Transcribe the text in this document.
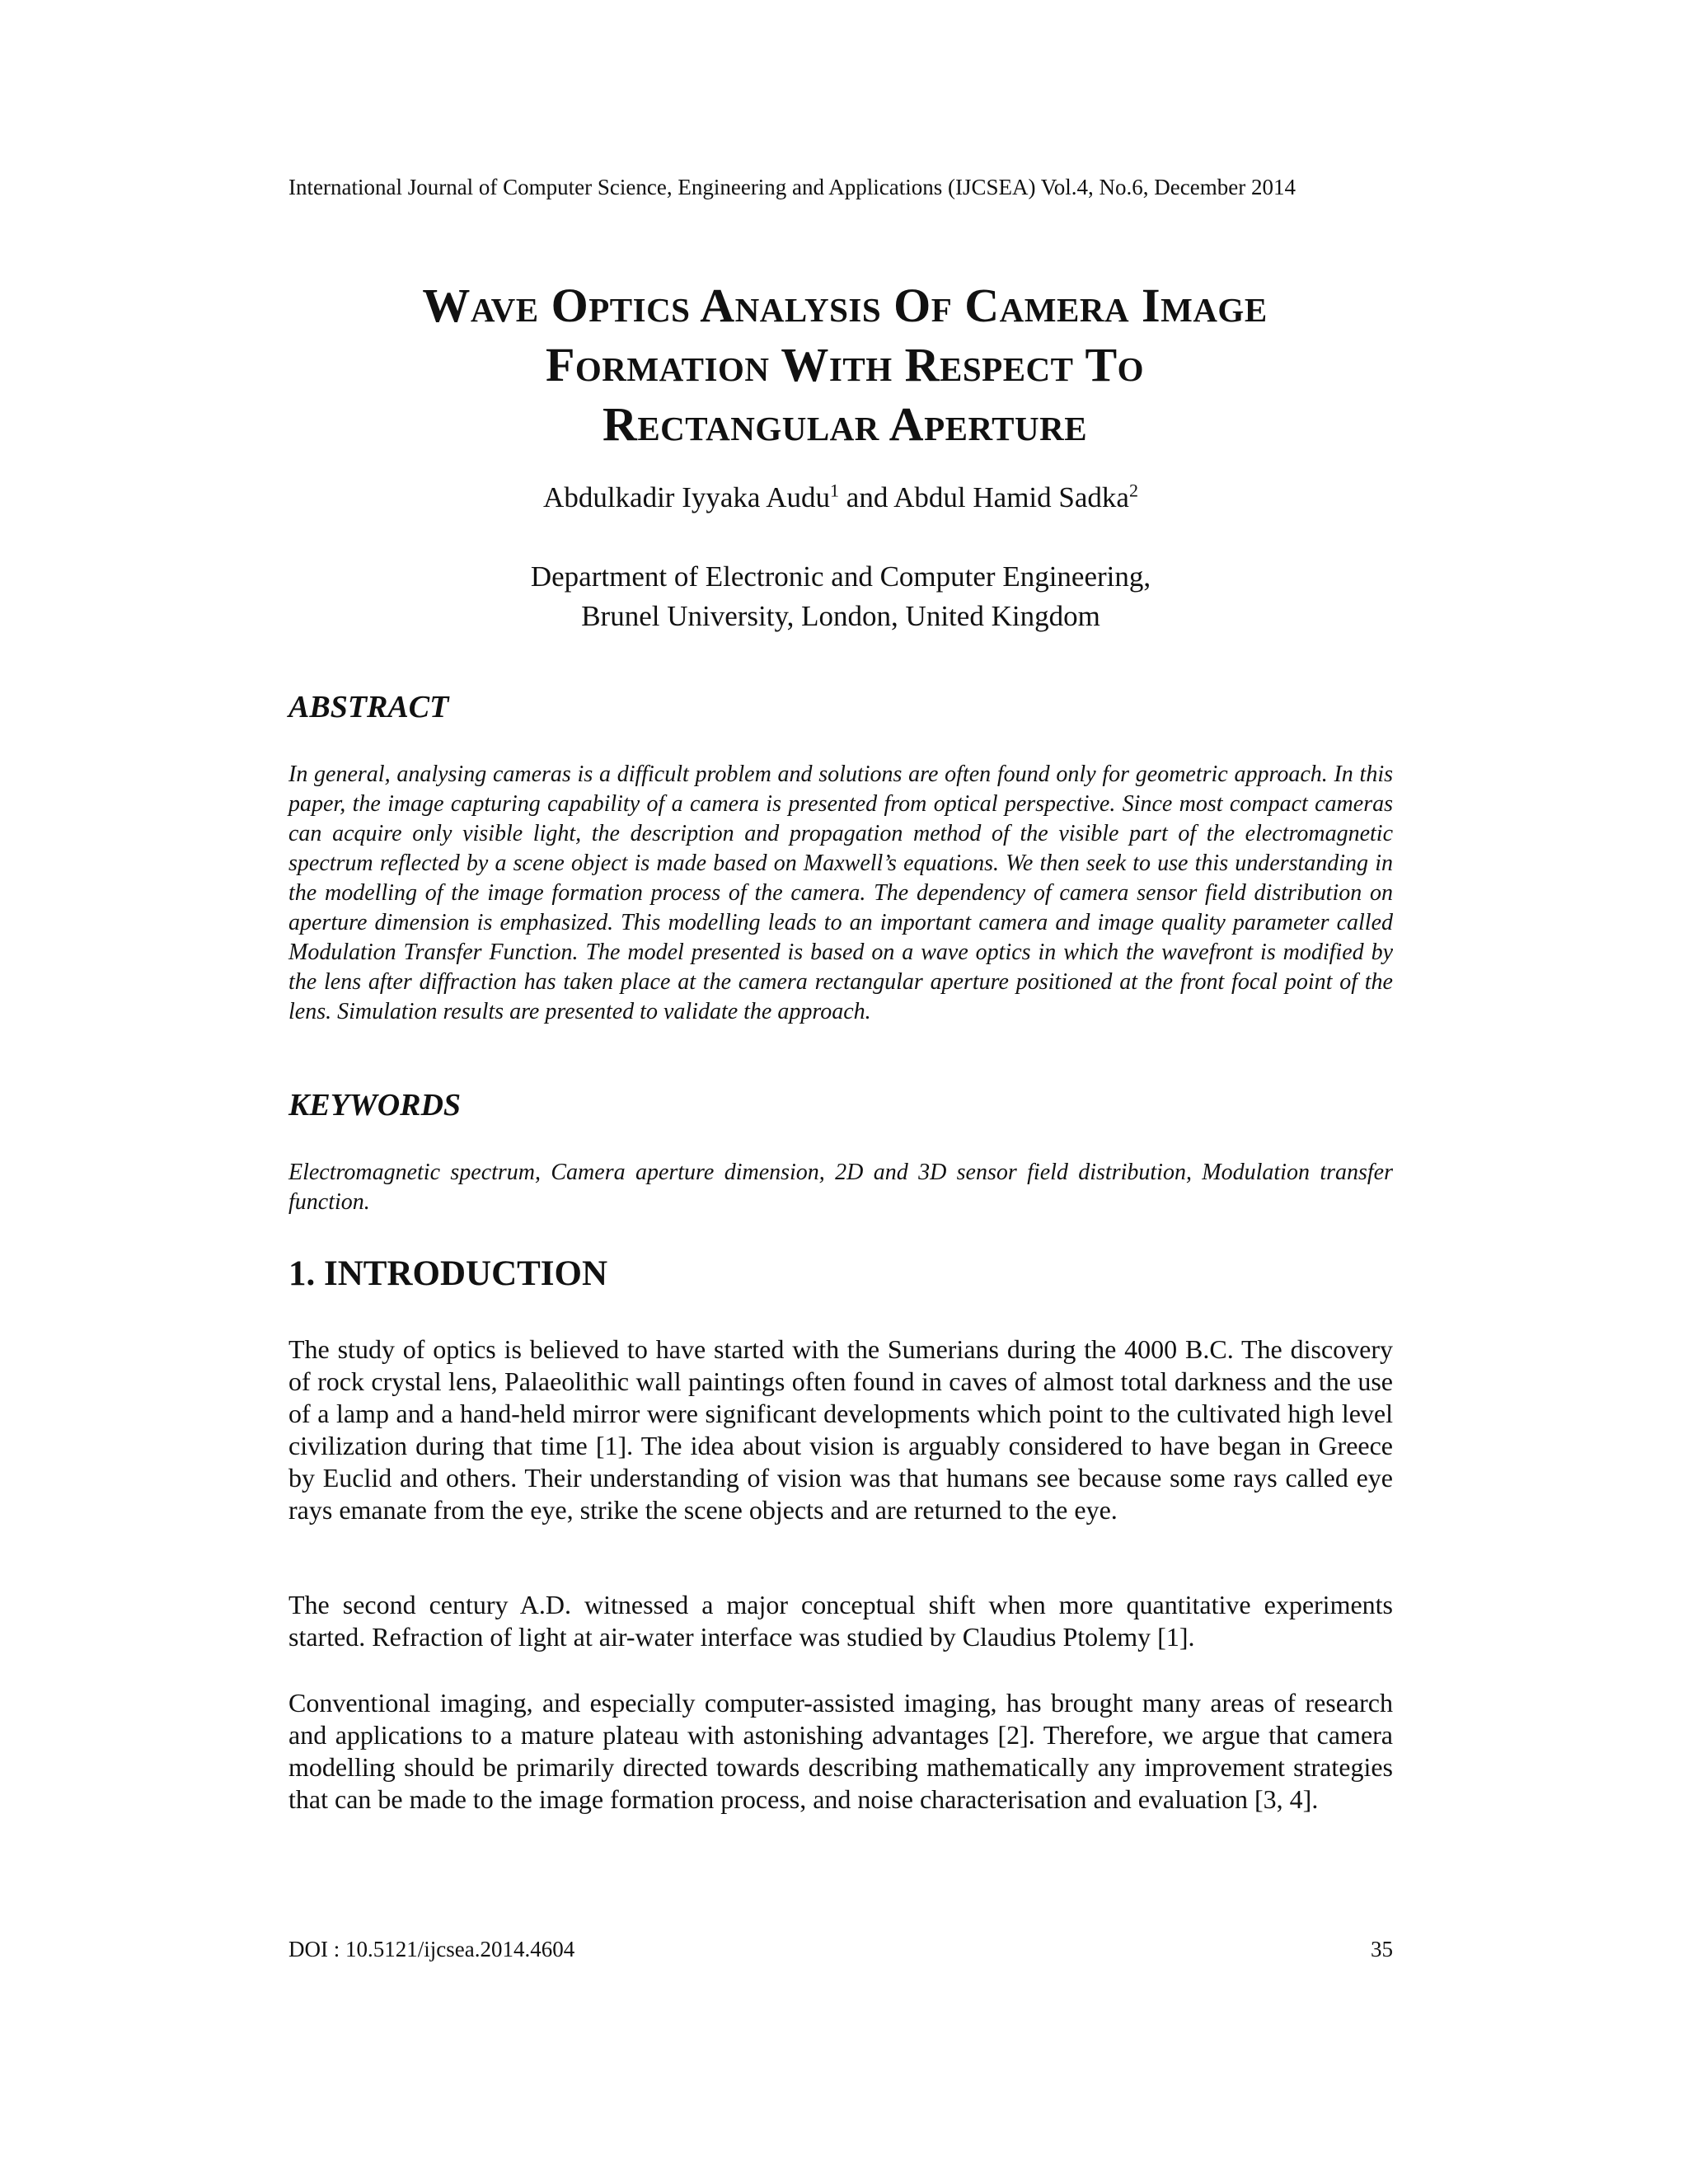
International Journal of Computer Science, Engineering and Applications (IJCSEA) Vol.4, No.6, December 2014
Wave Optics Analysis Of Camera Image
Formation With Respect To
Rectangular Aperture
Abdulkadir Iyyaka Audu$^1$ and Abdul Hamid Sadka$^2$
Department of Electronic and Computer Engineering,
Brunel University, London, United Kingdom
ABSTRACT
In general, analysing cameras is a difficult problem and solutions are often found only for geometric approach. In this paper, the image capturing capability of a camera is presented from optical perspective. Since most compact cameras can acquire only visible light, the description and propagation method of the visible part of the electromagnetic spectrum reflected by a scene object is made based on Maxwell’s equations. We then seek to use this understanding in the modelling of the image formation process of the camera. The dependency of camera sensor field distribution on aperture dimension is emphasized. This modelling leads to an important camera and image quality parameter called Modulation Transfer Function. The model presented is based on a wave optics in which the wavefront is modified by the lens after diffraction has taken place at the camera rectangular aperture positioned at the front focal point of the lens. Simulation results are presented to validate the approach.
KEYWORDS
Electromagnetic spectrum, Camera aperture dimension, 2D and 3D sensor field distribution, Modulation transfer function.
1. INTRODUCTION
The study of optics is believed to have started with the Sumerians during the 4000 B.C. The discovery of rock crystal lens, Palaeolithic wall paintings often found in caves of almost total darkness and the use of a lamp and a hand-held mirror were significant developments which point to the cultivated high level civilization during that time [1]. The idea about vision is arguably considered to have began in Greece by Euclid and others. Their understanding of vision was that humans see because some rays called eye rays emanate from the eye, strike the scene objects and are returned to the eye.
The second century A.D. witnessed a major conceptual shift when more quantitative experiments started. Refraction of light at air-water interface was studied by Claudius Ptolemy [1].
Conventional imaging, and especially computer-assisted imaging, has brought many areas of research and applications to a mature plateau with astonishing advantages [2]. Therefore, we argue that camera modelling should be primarily directed towards describing mathematically any improvement strategies that can be made to the image formation process, and noise characterisation and evaluation [3, 4].
DOI : 10.5121/ijcsea.2014.4604	35
